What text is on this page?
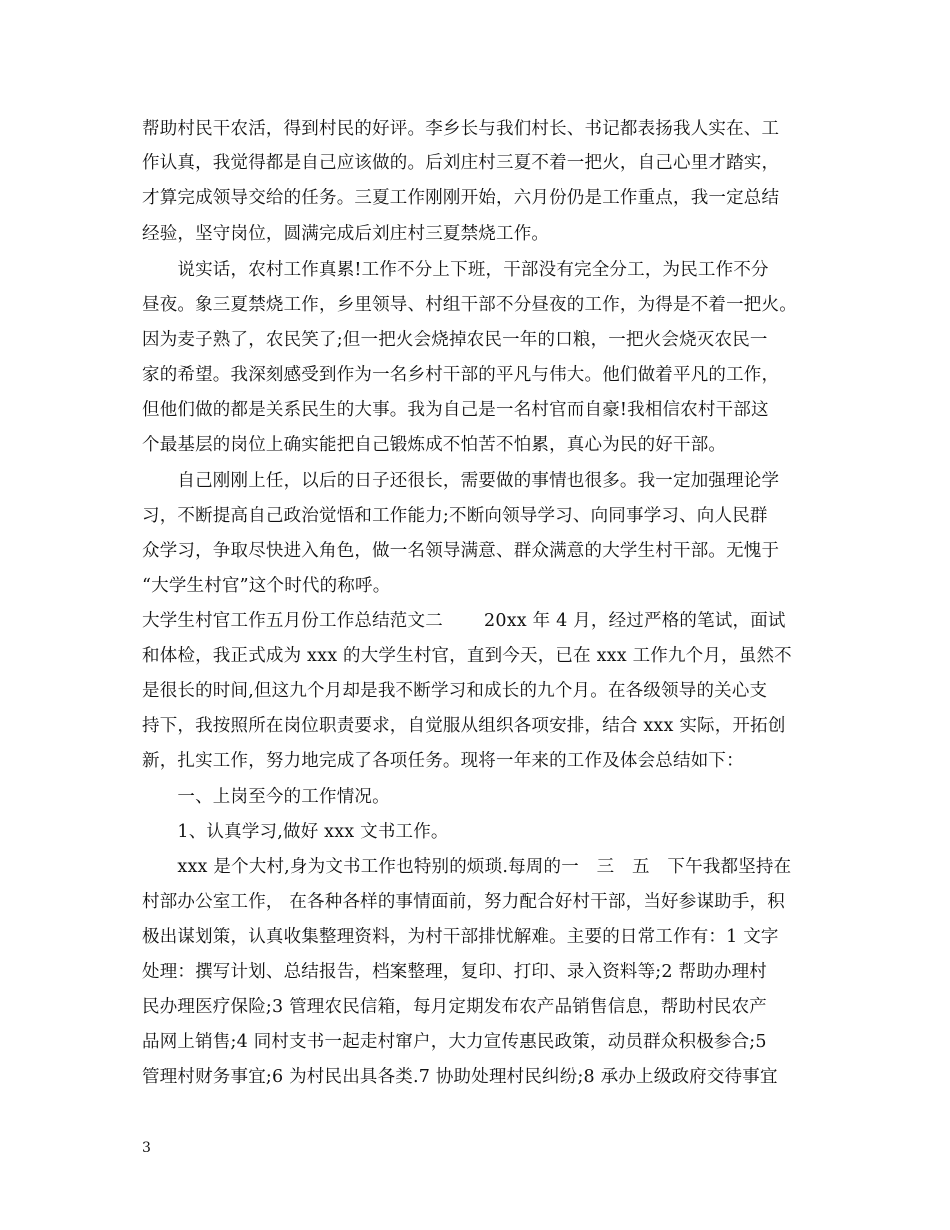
帮助村民干农活，得到村民的好评。李乡长与我们村长、书记都表扬我人实在、工
作认真，我觉得都是自己应该做的。后刘庄村三夏不着一把火，自己心里才踏实，
才算完成领导交给的任务。三夏工作刚刚开始，六月份仍是工作重点，我一定总结
经验，坚守岗位，圆满完成后刘庄村三夏禁烧工作。
　　说实话，农村工作真累!工作不分上下班，干部没有完全分工，为民工作不分
昼夜。象三夏禁烧工作，乡里领导、村组干部不分昼夜的工作，为得是不着一把火。
因为麦子熟了，农民笑了;但一把火会烧掉农民一年的口粮，一把火会烧灭农民一
家的希望。我深刻感受到作为一名乡村干部的平凡与伟大。他们做着平凡的工作，
但他们做的都是关系民生的大事。我为自己是一名村官而自豪!我相信农村干部这
个最基层的岗位上确实能把自己锻炼成不怕苦不怕累，真心为民的好干部。
　　自己刚刚上任，以后的日子还很长，需要做的事情也很多。我一定加强理论学
习，不断提高自己政治觉悟和工作能力;不断向领导学习、向同事学习、向人民群
众学习，争取尽快进入角色，做一名领导满意、群众满意的大学生村干部。无愧于
“大学生村官”这个时代的称呼。
大学生村官工作五月份工作总结范文二　　 20xx 年 4 月，经过严格的笔试，面试
和体检，我正式成为 xxx 的大学生村官，直到今天，已在 xxx 工作九个月，虽然不
是很长的时间,但这九个月却是我不断学习和成长的九个月。在各级领导的关心支
持下，我按照所在岗位职责要求，自觉服从组织各项安排，结合 xxx 实际，开拓创
新，扎实工作，努力地完成了各项任务。现将一年来的工作及体会总结如下：
　　一、上岗至今的工作情况。
　　1、认真学习,做好 xxx 文书工作。
　　xxx 是个大村,身为文书工作也特别的烦琐.每周的一　三　五　下午我都坚持在
村部办公室工作， 在各种各样的事情面前，努力配合好村干部，当好参谋助手，积
极出谋划策，认真收集整理资料，为村干部排忧解难。主要的日常工作有：1 文字
处理：撰写计划、总结报告，档案整理，复印、打印、录入资料等;2 帮助办理村
民办理医疗保险;3 管理农民信箱，每月定期发布农产品销售信息，帮助村民农产
品网上销售;4 同村支书一起走村窜户，大力宣传惠民政策，动员群众积极参合;5
管理村财务事宜;6 为村民出具各类.7 协助处理村民纠纷;8 承办上级政府交待事宜
3
